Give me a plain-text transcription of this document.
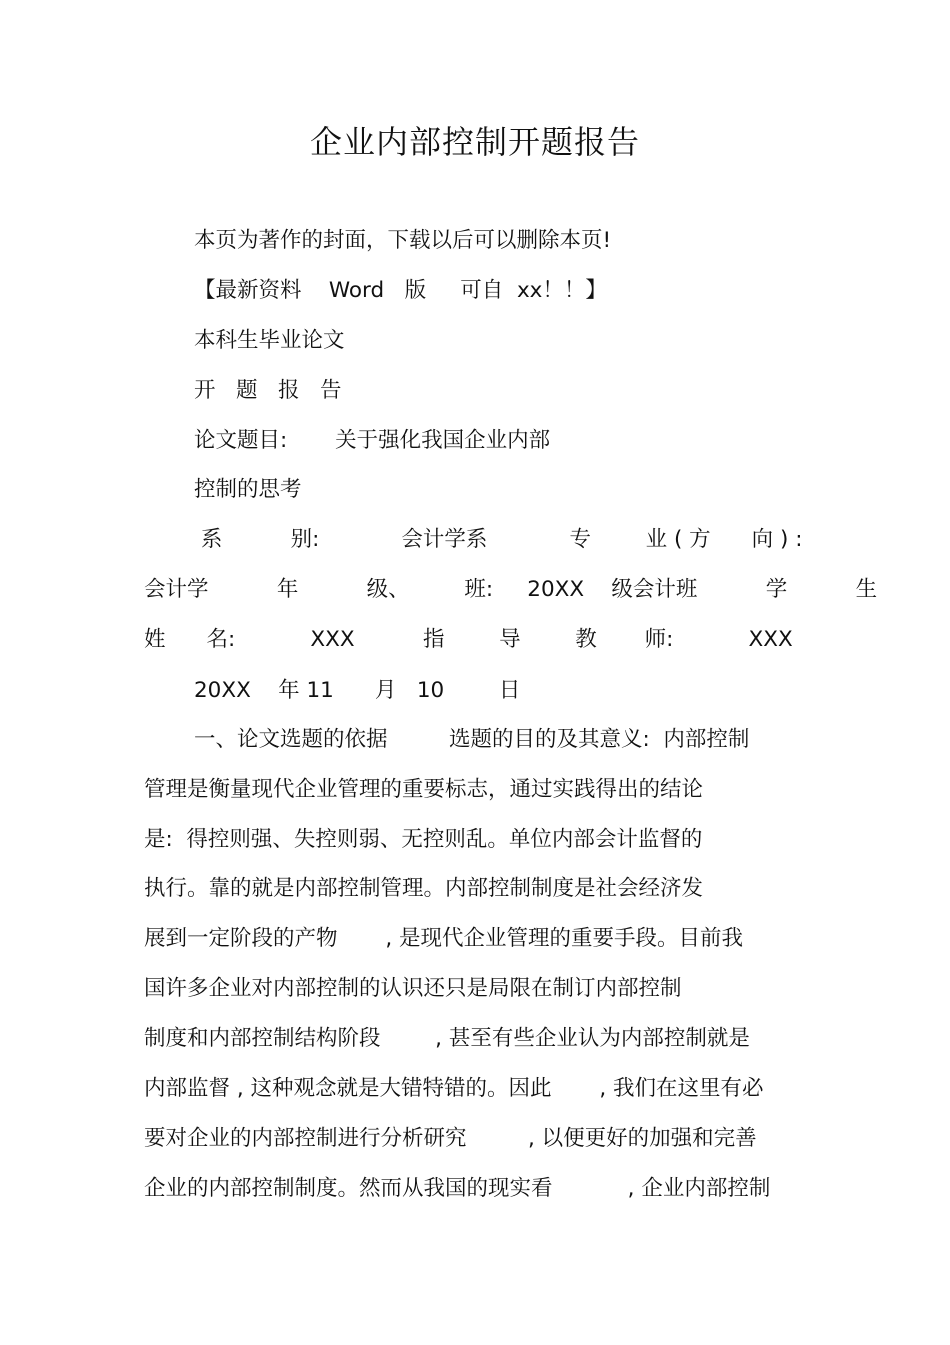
企业内部控制开题报告
本页为著作的封面，下载以后可以删除本页!
【最新资料    Word   版     可自  xx！！】
本科生毕业论文
开   题   报   告
论文题目:       关于强化我国企业内部
控制的思考
系          别:            会计学系            专        业 ( 方      向 ) :
会计学          年          级、        班:     20XX    级会计班          学          生
姓      名:           XXX          指        导        教       师:           XXX
20XX    年 11      月   10        日
一、论文选题的依据         选题的目的及其意义:  内部控制
管理是衡量现代企业管理的重要标志，通过实践得出的结论
是:  得控则强、失控则弱、无控则乱。单位内部会计监督的
执行。靠的就是内部控制管理。内部控制制度是社会经济发
展到一定阶段的产物       , 是现代企业管理的重要手段。目前我
国许多企业对内部控制的认识还只是局限在制订内部控制
制度和内部控制结构阶段        , 甚至有些企业认为内部控制就是
内部监督 , 这种观念就是大错特错的。因此       , 我们在这里有必
要对企业的内部控制进行分析研究         , 以便更好的加强和完善
企业的内部控制制度。然而从我国的现实看           , 企业内部控制
